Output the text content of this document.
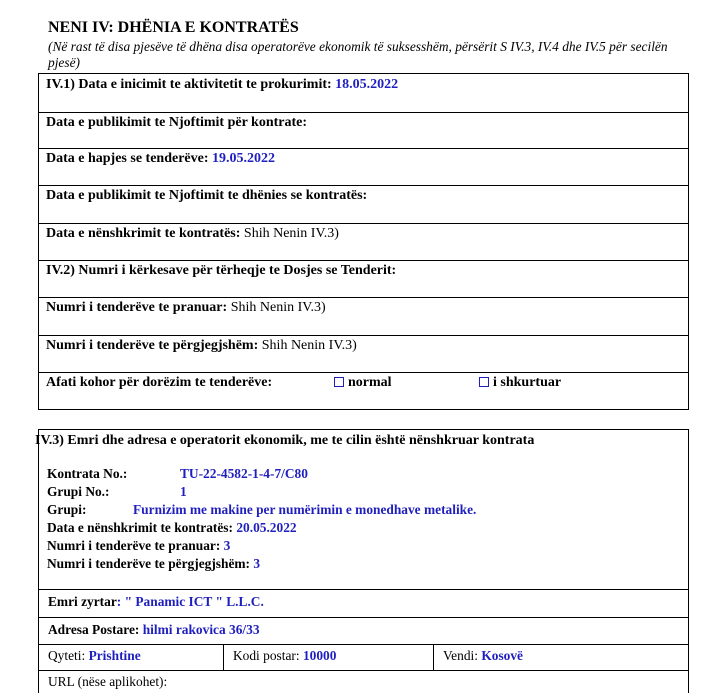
NENI IV: DHËNIA E KONTRATËS
(Në rast të disa pjesëve të dhëna disa operatorëve ekonomik të suksesshëm, përsërit S IV.3, IV.4 dhe IV.5 për secilën pjesë)
IV.1) Data e inicimit te aktivitetit te prokurimit: 18.05.2022
Data e publikimit te Njoftimit për kontrate:
Data e hapjes se tenderëve: 19.05.2022
Data e publikimit te Njoftimit te dhënies se kontratës:
Data e nënshkrimit te kontratës: Shih Nenin IV.3)
IV.2) Numri i kërkesave për tërheqje te Dosjes se Tenderit:
Numri i tenderëve te pranuar: Shih Nenin IV.3)
Numri i tenderëve te përgjegjshëm: Shih Nenin IV.3)
Afati kohor për dorëzim te tenderëve:	normal	i shkurtuar
IV.3) Emri dhe adresa e operatorit ekonomik, me te cilin është nënshkruar kontrata
Kontrata No.:	TU-22-4582-1-4-7/C80
Grupi No.:	1
Grupi:	Furnizim me makine per numërimin e monedhave metalike.
Data e nënshkrimit te kontratës: 20.05.2022
Numri i tenderëve te pranuar: 3
Numri i tenderëve te përgjegjshëm: 3
Emri zyrtar: " Panamic ICT " L.L.C.
Adresa Postare: hilmi rakovica 36/33
Qyteti: Prishtine	Kodi postar: 10000	Vendi: Kosovë
URL (nëse aplikohet):
